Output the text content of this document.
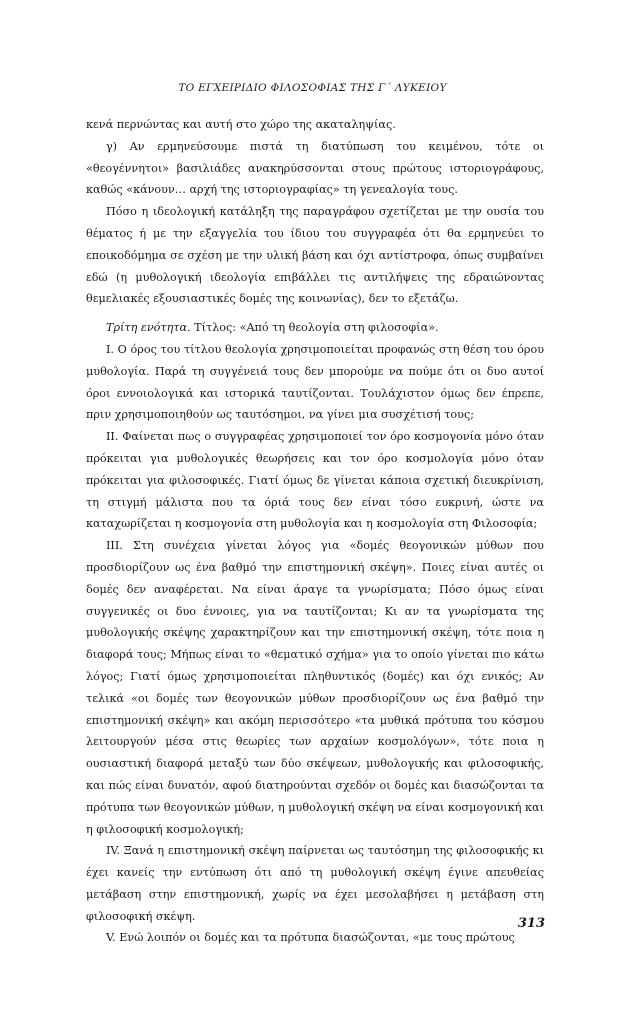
ΤΟ ΕΓΧΕΙΡΙΔΙΟ ΦΙΛΟΣΟΦΙΑΣ ΤΗΣ Γ΄ ΛΥΚΕΙΟΥ

κενά περνώντας και αυτή στο χώρο της ακαταληψίας.

γ) Αν ερμηνεύσουμε πιστά τη διατύπωση του κειμένου, τότε οι «θεογέννητοι» βασιλιάδες ανακηρύσσονται στους πρώτους ιστοριογράφους, καθώς «κάνουν… αρχή της ιστοριογραφίας» τη γενεαλογία τους.

Πόσο η ιδεολογική κατάληξη της παραγράφου σχετίζεται με την ουσία του θέματος ή με την εξαγγελία του ίδιου του συγγραφέα ότι θα ερμηνεύει το εποικοδόμημα σε σχέση με την υλική βάση και όχι αντίστροφα, όπως συμβαίνει εδώ (η μυθολογική ιδεολογία επιβάλλει τις αντιλήψεις της εδραιώνοντας θεμελιακές εξουσιαστικές δομές της κοινωνίας), δεν το εξετάζω.

Τρίτη ενότητα. Τίτλος: «Από τη θεολογία στη φιλοσοφία».

Ι. Ο όρος του τίτλου θεολογία χρησιμοποιείται προφανώς στη θέση του όρου μυθολογία. Παρά τη συγγένειά τους δεν μπορούμε να πούμε ότι οι δυο αυτοί όροι εννοιολογικά και ιστορικά ταυτίζονται. Τουλάχιστον όμως δεν έπρεπε, πριν χρησιμοποιηθούν ως ταυτόσημοι, να γίνει μια συσχέτισή τους;

ΙΙ. Φαίνεται πως ο συγγραφέας χρησιμοποιεί τον όρο κοσμογονία μόνο όταν πρόκειται για μυθολογικές θεωρήσεις και τον όρο κοσμολογία μόνο όταν πρόκειται για φιλοσοφικές. Γιατί όμως δε γίνεται κάποια σχετική διευκρίνιση, τη στιγμή μάλιστα που τα όριά τους δεν είναι τόσο ευκρινή, ώστε να καταχωρίζεται η κοσμογονία στη μυθολογία και η κοσμολογία στη Φιλοσοφία;

ΙΙΙ. Στη συνέχεια γίνεται λόγος για «δομές θεογονικών μύθων που προσδιορίζουν ως ένα βαθμό την επιστημονική σκέψη». Ποιες είναι αυτές οι δομές δεν αναφέρεται. Να είναι άραγε τα γνωρίσματα; Πόσο όμως είναι συγγενικές οι δυο έννοιες, για να ταυτίζονται; Κι αν τα γνωρίσματα της μυθολογικής σκέψης χαρακτηρίζουν και την επιστημονική σκέψη, τότε ποια η διαφορά τους; Μήπως είναι το «θεματικό σχήμα» για το οποίο γίνεται πιο κάτω λόγος; Γιατί όμως χρησιμοποιείται πληθυντικός (δομές) και όχι ενικός; Αν τελικά «οι δομές των θεογονικών μύθων προσδιορίζουν ως ένα βαθμό την επιστημονική σκέψη» και ακόμη περισσότερο «τα μυθικά πρότυπα του κόσμου λειτουργούν μέσα στις θεωρίες των αρχαίων κοσμολόγων», τότε ποια η ουσιαστική διαφορά μεταξύ των δύο σκέψεων, μυθολογικής και φιλοσοφικής, και πώς είναι δυνατόν, αφού διατηρούνται σχεδόν οι δομές και διασώζονται τα πρότυπα των θεογονικών μύθων, η μυθολογική σκέψη να είναι κοσμογονική και η φιλοσοφική κοσμολογική;

ΙV. Ξανά η επιστημονική σκέψη παίρνεται ως ταυτόσημη της φιλοσοφικής κι έχει κανείς την εντύπωση ότι από τη μυθολογική σκέψη έγινε απευθείας μετάβαση στην επιστημονική, χωρίς να έχει μεσολαβήσει η μετάβαση στη φιλοσοφική σκέψη.

V. Ενώ λοιπόν οι δομές και τα πρότυπα διασώζονται, «με τους πρώτους

313
